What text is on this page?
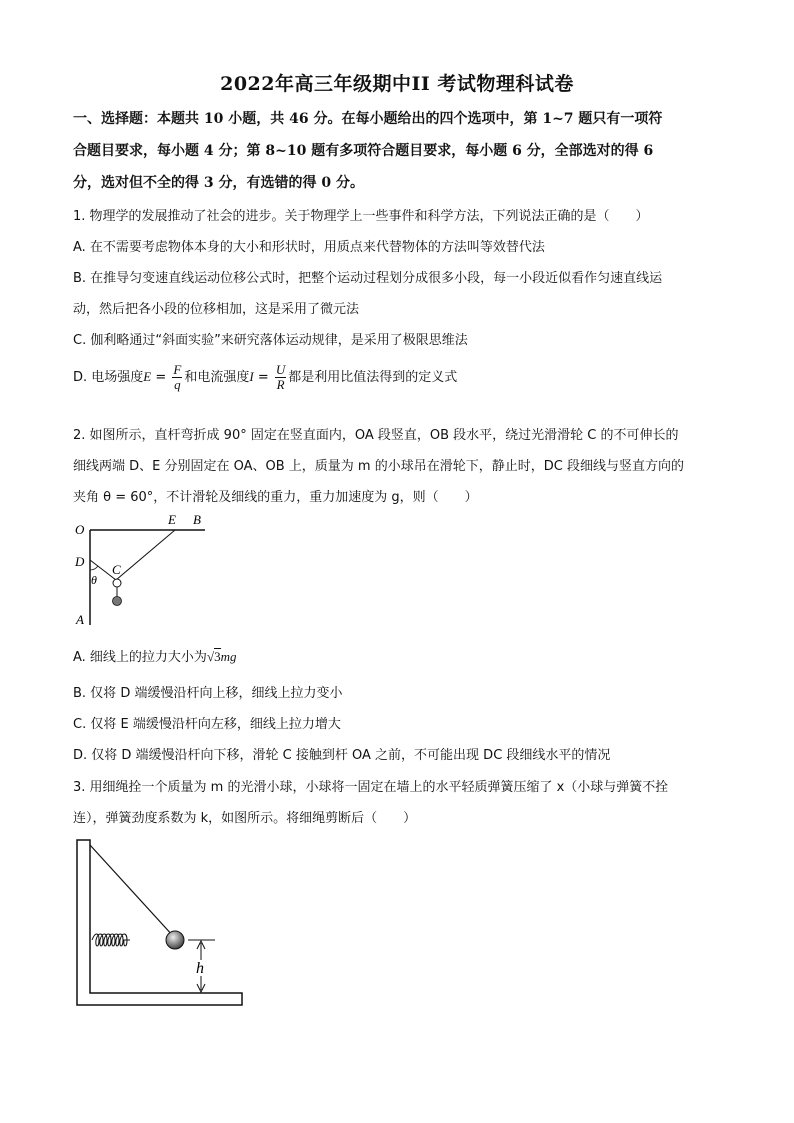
2022年高三年级期中II 考试物理科试卷
一、选择题：本题共 10 小题，共 46 分。在每小题给出的四个选项中，第 1~7 题只有一项符
合题目要求，每小题 4 分；第 8~10 题有多项符合题目要求，每小题 6 分，全部选对的得 6
分，选对但不全的得 3 分，有选错的得 0 分。
1. 物理学的发展推动了社会的进步。关于物理学上一些事件和科学方法，下列说法正确的是（　　）
A. 在不需要考虑物体本身的大小和形状时，用质点来代替物体的方法叫等效替代法
B. 在推导匀变速直线运动位移公式时，把整个运动过程划分成很多小段，每一小段近似看作匀速直线运
动，然后把各小段的位移相加，这是采用了微元法
C. 伽利略通过“斜面实验”来研究落体运动规律，是采用了极限思维法
D. 电场强度$E = \frac{F}{q}$ 和电流强度$I = \frac{U}{R}$ 都是利用比值法得到的定义式
2. 如图所示，直杆弯折成 90° 固定在竖直面内，OA 段竖直，OB 段水平，绕过光滑滑轮 C 的不可伸长的
细线两端 D、E 分别固定在 OA、OB 上，质量为 m 的小球吊在滑轮下，静止时，DC 段细线与竖直方向的
夹角 θ = 60°，不计滑轮及细线的重力，重力加速度为 g，则（　　）
O
E B
D
C
θ
A
A. 细线上的拉力大小为√3mg
B. 仅将 D 端缓慢沿杆向上移，细线上拉力变小
C. 仅将 E 端缓慢沿杆向左移，细线上拉力增大
D. 仅将 D 端缓慢沿杆向下移，滑轮 C 接触到杆 OA 之前，不可能出现 DC 段细线水平的情况
3. 用细绳拴一个质量为 m 的光滑小球，小球将一固定在墙上的水平轻质弹簧压缩了 x（小球与弹簧不拴
连），弹簧劲度系数为 k，如图所示。将细绳剪断后（　　）
h
